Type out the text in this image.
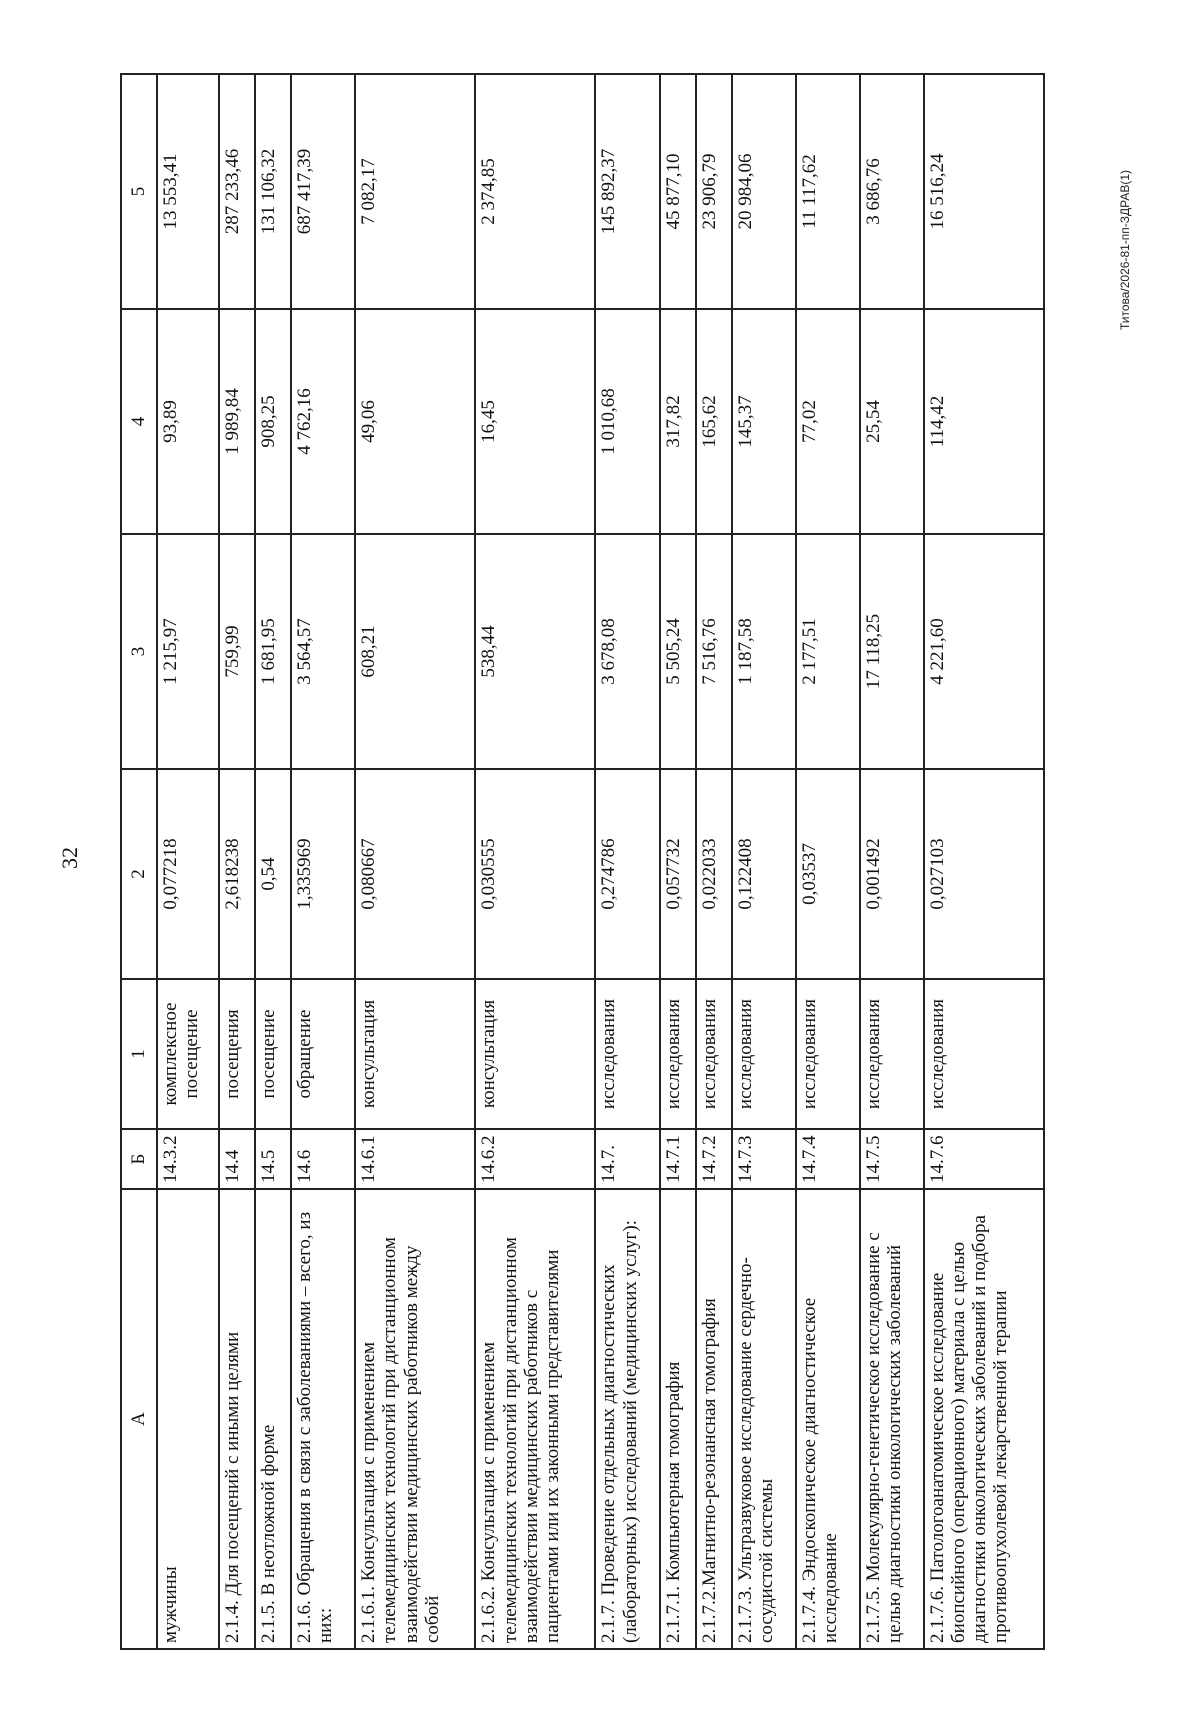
32
Титова/2026-81-пп-ЗДРАВ(1)
А	Б	1	2	3	4	5
мужчины	14.3.2	комплексное посещение	0,077218	1 215,97	93,89	13 553,41
2.1.4. Для посещений с иными целями	14.4	посещения	2,618238	759,99	1 989,84	287 233,46
2.1.5. В неотложной форме	14.5	посещение	0,54	1 681,95	908,25	131 106,32
2.1.6. Обращения в связи с заболеваниями – всего, из них:	14.6	обращение	1,335969	3 564,57	4 762,16	687 417,39
2.1.6.1. Консультация с применением телемедицинских технологий при дистанционном взаимодействии медицинских работников между собой	14.6.1	консультация	0,080667	608,21	49,06	7 082,17
2.1.6.2. Консультация с применением телемедицинских технологий при дистанционном взаимодействии медицинских работников с пациентами или их законными представителями	14.6.2	консультация	0,030555	538,44	16,45	2 374,85
2.1.7. Проведение отдельных диагностических (лабораторных) исследований (медицинских услуг):	14.7.	исследования	0,274786	3 678,08	1 010,68	145 892,37
2.1.7.1. Компьютерная томография	14.7.1	исследования	0,057732	5 505,24	317,82	45 877,10
2.1.7.2.Магнитно-резонансная томография	14.7.2	исследования	0,022033	7 516,76	165,62	23 906,79
2.1.7.3. Ультразвуковое исследование сердечно-сосудистой системы	14.7.3	исследования	0,122408	1 187,58	145,37	20 984,06
2.1.7.4. Эндоскопическое диагностическое исследование	14.7.4	исследования	0,03537	2 177,51	77,02	11 117,62
2.1.7.5. Молекулярно-генетическое исследование с целью диагностики онкологических заболеваний	14.7.5	исследования	0,001492	17 118,25	25,54	3 686,76
2.1.7.6. Патологоанатомическое исследование биопсийного (операционного) материала с целью диагностики онкологических заболеваний и подбора противоопухолевой лекарственной терапии	14.7.6	исследования	0,027103	4 221,60	114,42	16 516,24
